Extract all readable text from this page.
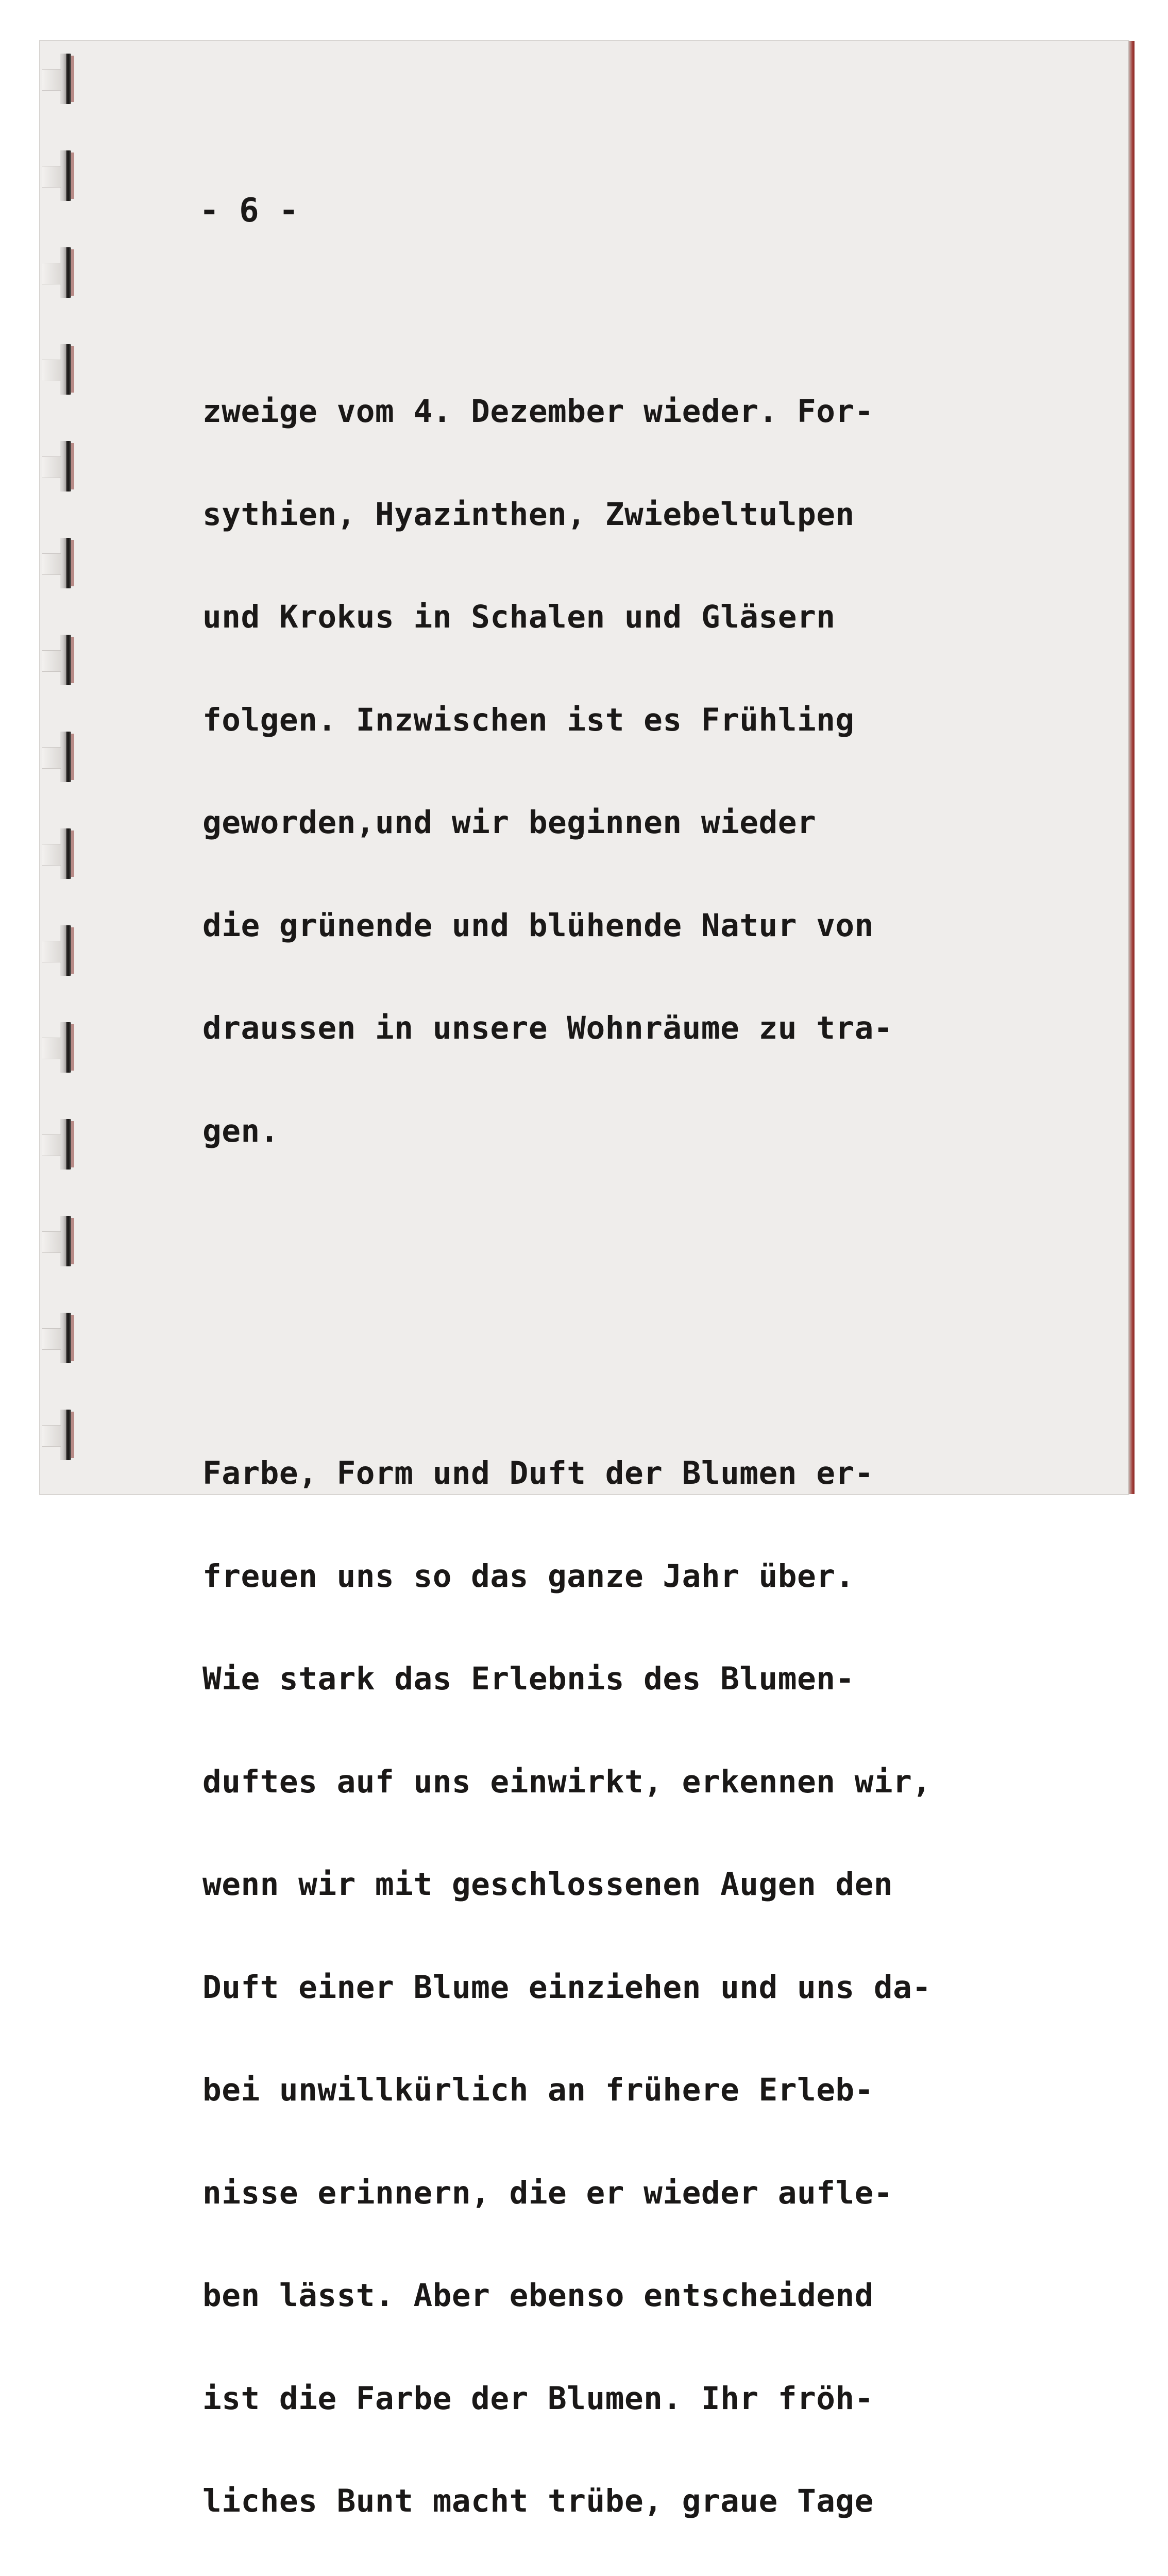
- 6 -

zweige vom 4. Dezember wieder. For-

sythien, Hyazinthen, Zwiebeltulpen

und Krokus in Schalen und Gläsern

folgen. Inzwischen ist es Frühling

geworden,und wir beginnen wieder

die grünende und blühende Natur von

draussen in unsere Wohnräume zu tra-

gen.

Farbe, Form und Duft der Blumen er-

freuen uns so das ganze Jahr über.

Wie stark das Erlebnis des Blumen-

duftes auf uns einwirkt, erkennen wir,

wenn wir mit geschlossenen Augen den

Duft einer Blume einziehen und uns da-

bei unwillkürlich an frühere Erleb-

nisse erinnern, die er wieder aufle-

ben lässt. Aber ebenso entscheidend

ist die Farbe der Blumen. Ihr fröh-

liches Bunt macht trübe, graue Tage
